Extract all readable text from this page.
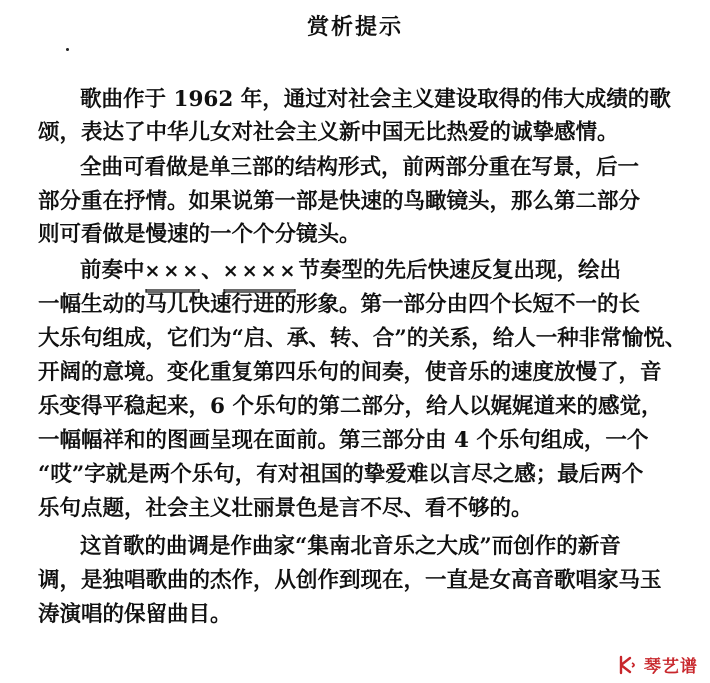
赏析提示
歌曲作于 1962 年，通过对社会主义建设取得的伟大成绩的歌
颂，表达了中华儿女对社会主义新中国无比热爱的诚挚感情。
全曲可看做是单三部的结构形式，前两部分重在写景，后一
部分重在抒情。如果说第一部是快速的鸟瞰镜头，那么第二部分
则可看做是慢速的一个个分镜头。
前奏中×××
、××××
节奏型的先后快速反复出现，绘出
一幅生动的马儿快速行进的形象。第一部分由四个长短不一的长
大乐句组成，它们为“启、承、转、合”的关系，给人一种非常愉悦、
开阔的意境。变化重复第四乐句的间奏，使音乐的速度放慢了，音
乐变得平稳起来，6 个乐句的第二部分，给人以娓娓道来的感觉，
一幅幅祥和的图画呈现在面前。第三部分由 4 个乐句组成，一个
“哎”字就是两个乐句，有对祖国的挚爱难以言尽之感；最后两个
乐句点题，社会主义壮丽景色是言不尽、看不够的。
这首歌的曲调是作曲家“集南北音乐之大成”而创作的新音
调，是独唱歌曲的杰作，从创作到现在，一直是女高音歌唱家马玉
涛演唱的保留曲目。
琴艺谱
